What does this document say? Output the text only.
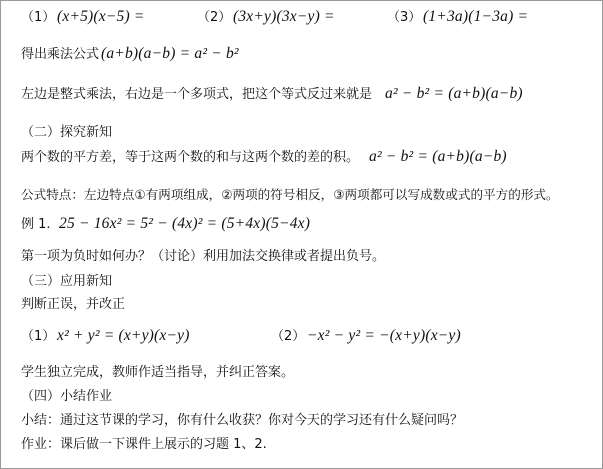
（1） (x+5)(x−5) =	（2） (3x+y)(3x−y) =	（3） (1+3a)(1−3a) =
得出乘法公式 (a+b)(a−b) = a² − b²
左边是整式乘法，右边是一个多项式，把这个等式反过来就是 a² − b² = (a+b)(a−b)
（二）探究新知
两个数的平方差，等于这两个数的和与这两个数的差的积。 a² − b² = (a+b)(a−b)
公式特点：左边特点①有两项组成，②两项的符号相反，③两项都可以写成数或式的平方的形式。
例 1. 25 − 16x² = 5² − (4x)² = (5+4x)(5−4x)
第一项为负时如何办？（讨论）利用加法交换律或者提出负号。
（三）应用新知
判断正误，并改正
（1） x² + y² = (x+y)(x−y)	（2） −x² − y² = −(x+y)(x−y)
学生独立完成，教师作适当指导，并纠正答案。
（四）小结作业
小结：通过这节课的学习，你有什么收获？你对今天的学习还有什么疑问吗？
作业：课后做一下课件上展示的习题 1、2.
